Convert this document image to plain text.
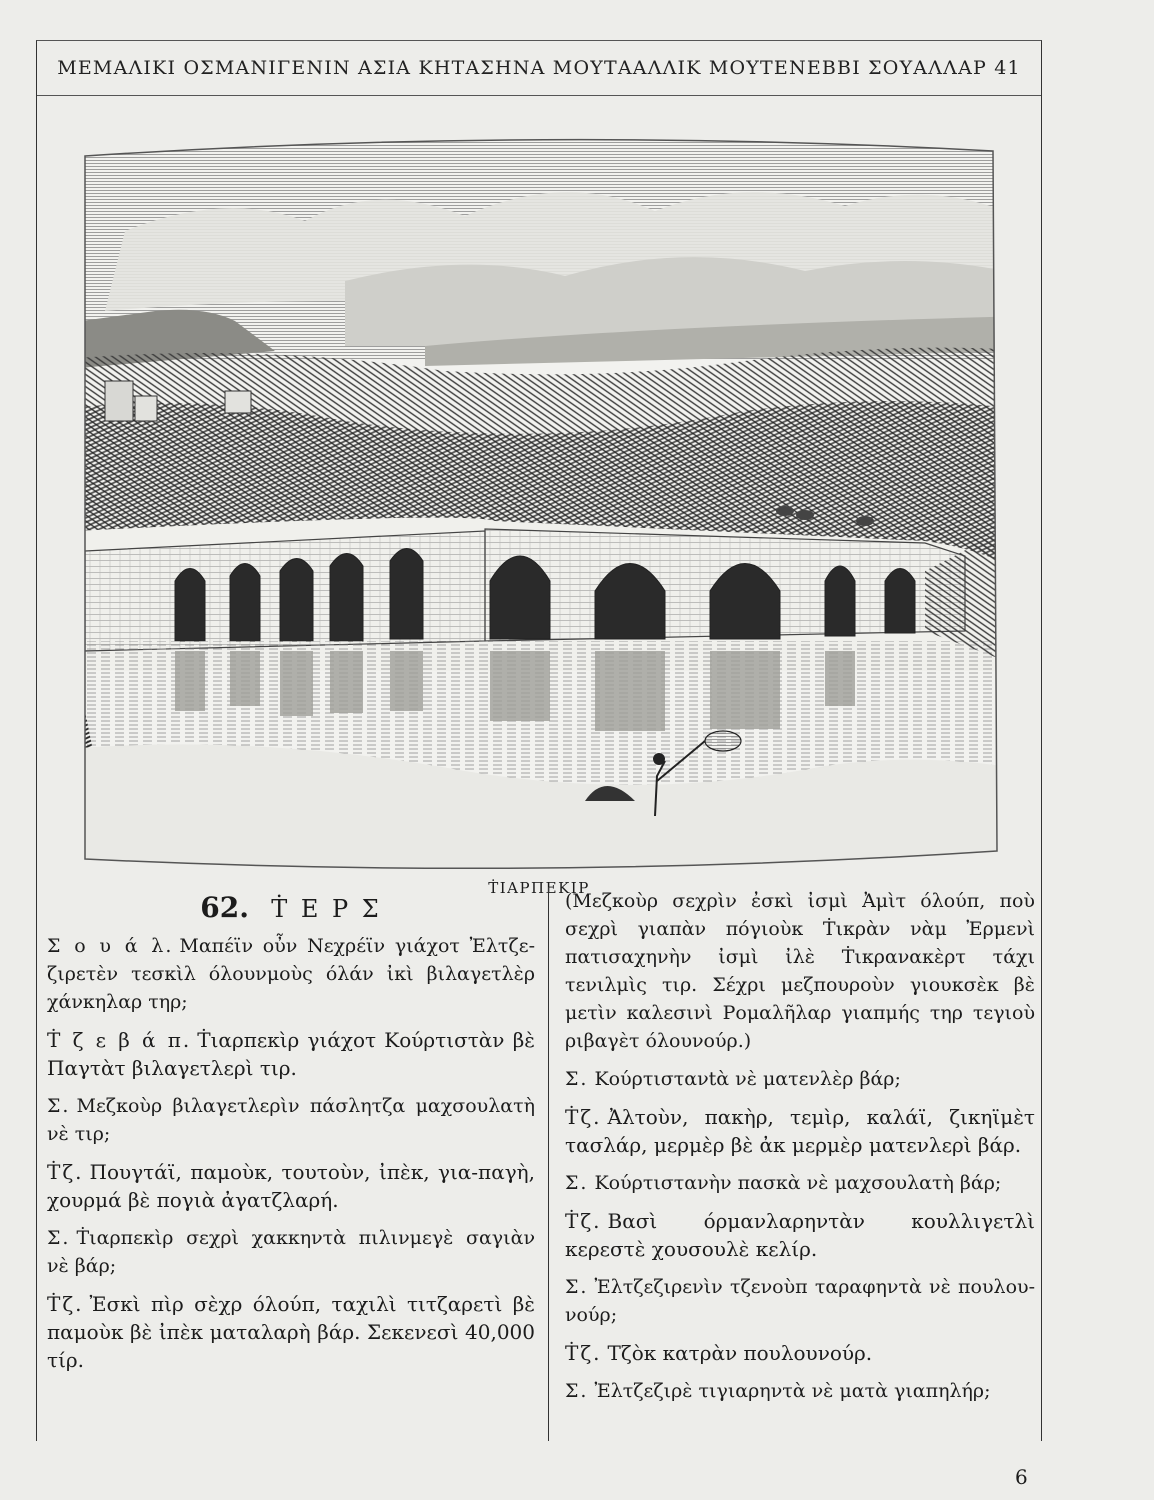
ΜΕΜΑΛΙΚΙ ΟΣΜΑΝΙΓΕΝΙΝ ΑΣΙΑ ΚΗΤΑΣΗΝΑ ΜΟΥΤΑΑΛΛΙΚ ΜΟΥΤΕΝΕΒΒΙ ΣΟΥΑΛΛΑΡ 41
ṪΙΑΡΠΕΚΙΡ
62. Ṫ Ε Ρ Σ

Σ ο υ ά λ. Μαπέϊν οὖν Νεχρέϊν γιάχοτ Ἐλτζε-ζιρετὲν τεσκὶλ όλουνμοὺς όλάν ἰκὶ βιλαγετλὲρ χάνκηλαρ τηρ;

Ṫ ζ ε β ά π. Ṫιαρπεκὶρ γιάχοτ Κούρτιστὰν βὲ Παγτὰτ βιλαγετλερὶ τιρ.

Σ. Μεζκοὺρ βιλαγετλερὶν πάσλητζα μαχσουλατὴ νὲ τιρ;

Ṫζ. Πουγτάϊ, παμοὺκ, τουτοὺν, ἰπὲκ, για-παγὴ, χουρμά βὲ πογιὰ ἀγατζλαρή.

Σ. Ṫιαρπεκὶρ σεχρὶ χακκηντὰ πιλινμεγὲ σαγιὰν νὲ βάρ;

Ṫζ. Ἐσκὶ πὶρ σὲχρ όλούπ, ταχιλὶ τιτζαρετὶ βὲ παμοὺκ βὲ ἰπὲκ ματαλαρὴ βάρ. Σεκενεσὶ 40,000 τίρ.

(Μεζκοὺρ σεχρὶν ἐσκὶ ἰσμὶ Ἀμὶτ όλούπ, ποὺ σεχρὶ γιαπὰν πόγιοὺκ Ṫικρὰν νὰμ Ἐρμενὶ πατισαχηνὴν ἰσμὶ ἰλὲ Ṫικρανακὲρτ τάχι τενιλμὶς τιρ. Σέχρι μεζπουροὺν γιουκσὲκ βὲ μετὶν καλεσινὶ Ρομαλῆλαρ γιαπμής τηρ τεγιοὺ ριβαγὲτ όλουνούρ.)

Σ. Κούρτιστανtὰ νὲ ματενλὲρ βάρ;

Ṫζ. Ἀλτοὺν, πακὴρ, τεμὶρ, καλάϊ, ζικηϊμὲτ τασλάρ, μερμὲρ βὲ ἀκ μερμὲρ ματενλερὶ βάρ.

Σ. Κούρτιστανὴν πασκὰ νὲ μαχσουλατὴ βάρ;

Ṫζ. Βασὶ όρμανλαρηντὰν κουλλιγετλὶ κερεστὲ χουσουλὲ κελίρ.

Σ. Ἐλτζεζιρενὶν τζενοὺπ ταραφηντὰ νὲ πουλου-νούρ;

Ṫζ. Τζὸκ κατρὰν πουλουνούρ.

Σ. Ἐλτζεζιρὲ τιγιαρηντὰ νὲ ματὰ γιαπηλήρ;

6
